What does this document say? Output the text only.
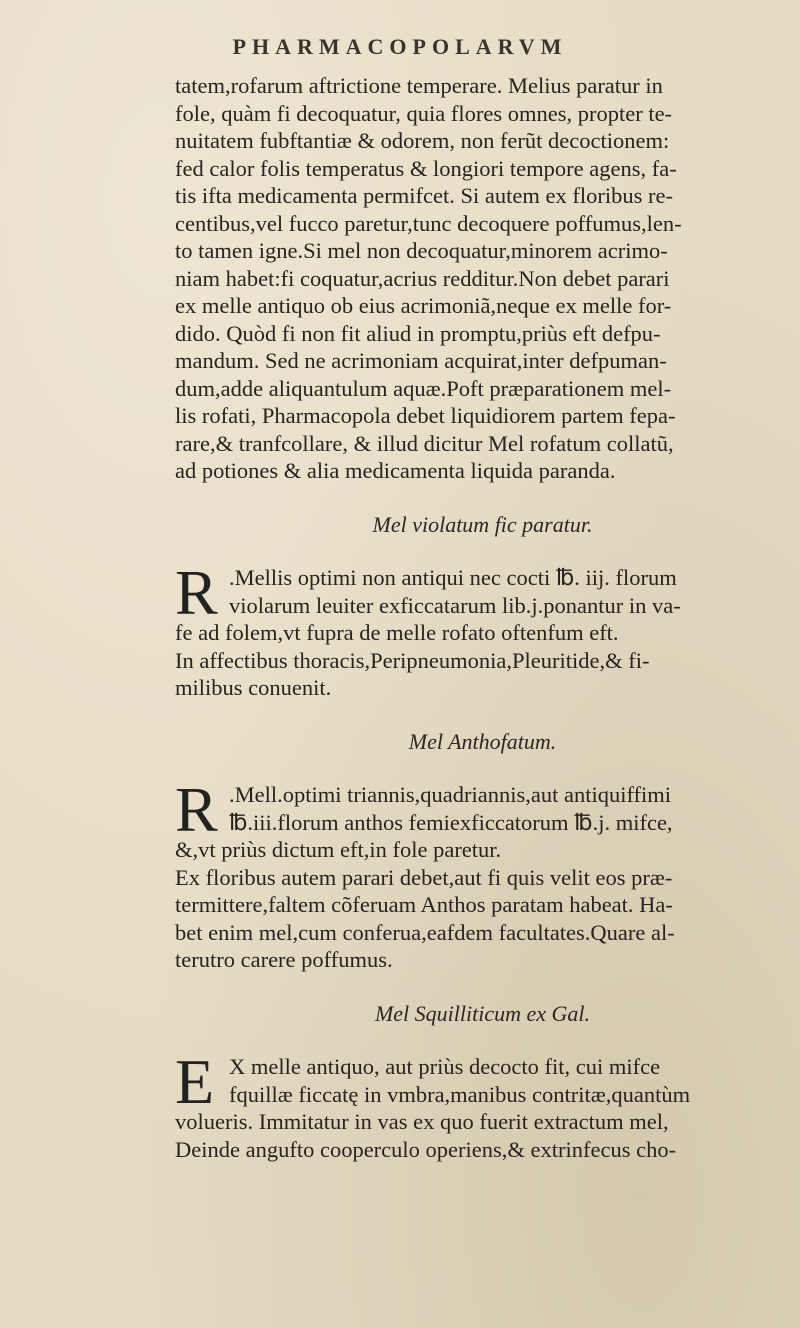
PHARMACOPOLARVM
tatem,rofarum aftrictione temperare. Melius paratur in
fole, quàm fi decoquatur, quia flores omnes, propter te-
nuitatem fubftantiæ & odorem, non ferũt decoctionem:
fed calor folis temperatus & longiori tempore agens, fa-
tis ifta medicamenta permifcet. Si autem ex floribus re-
centibus,vel fucco paretur,tunc decoquere poffumus,len-
to tamen igne.Si mel non decoquatur,minorem acrimo-
niam habet:fi coquatur,acrius redditur.Non debet parari
ex melle antiquo ob eius acrimoniã,neque ex melle for-
dido. Quòd fi non fit aliud in promptu,priùs eft defpu-
mandum. Sed ne acrimoniam acquirat,inter defpuman-
dum,adde aliquantulum aquæ.Poft præparationem mel-
lis rofati, Pharmacopola debet liquidiorem partem fepa-
rare,& tranfcollare, & illud dicitur Mel rofatum collatũ,
ad potiones & alia medicamenta liquida paranda.
Mel violatum fic paratur.
R .Mellis optimi non antiqui nec cocti ℔. iij. florum
violarum leuiter exficcatarum lib.j.ponantur in va-
fe ad folem,vt fupra de melle rofato oftenfum eft.
In affectibus thoracis,Peripneumonia,Pleuritide,& fi-
milibus conuenit.
Mel Anthofatum.
R .Mell.optimi triannis,quadriannis,aut antiquiffimi
℔.iii.florum anthos femiexficcatorum ℔.j. mifce,
&,vt priùs dictum eft,in fole paretur.
Ex floribus autem parari debet,aut fi quis velit eos præ-
termittere,faltem cõferuam Anthos paratam habeat. Ha-
bet enim mel,cum conferua,eafdem facultates.Quare al-
terutro carere poffumus.
Mel Squilliticum ex Gal.
E X melle antiquo, aut priùs decocto fit, cui mifce
fquillæ ficcatę in vmbra,manibus contritæ,quantùm
volueris. Immitatur in vas ex quo fuerit extractum mel,
Deinde angufto cooperculo operiens,& extrinfecus cho-
